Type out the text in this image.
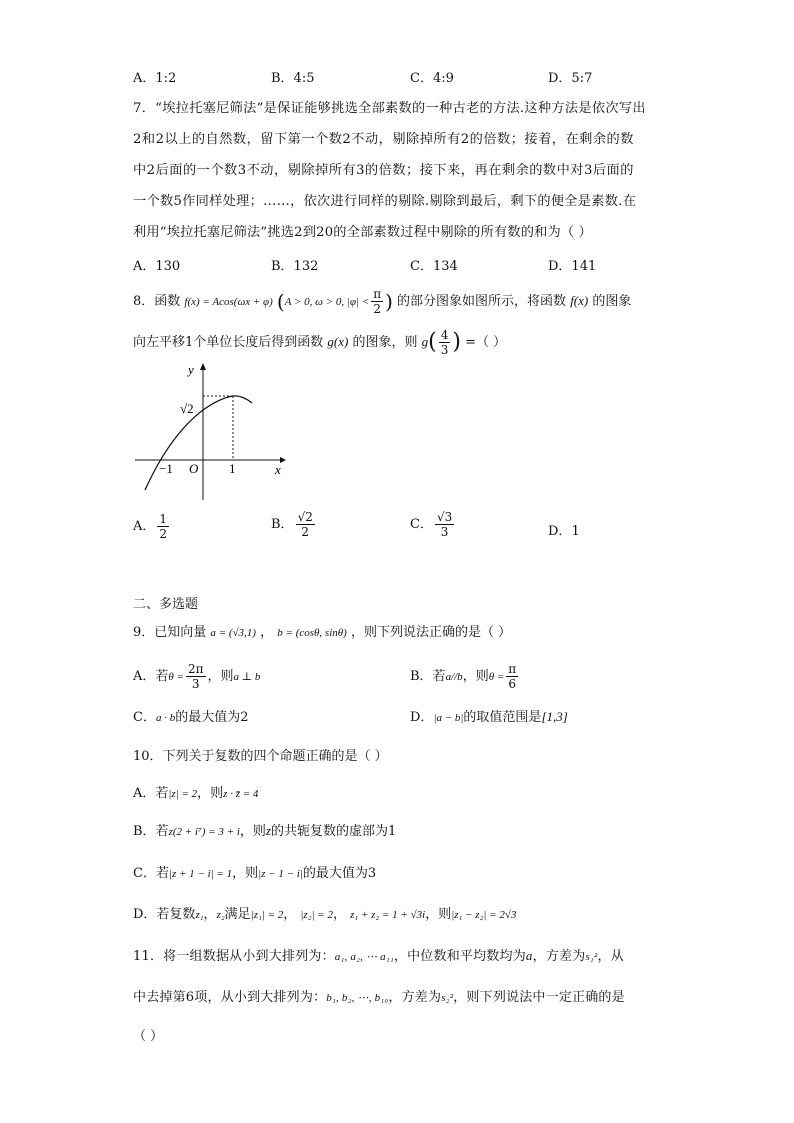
A．1:2	B．4:5	C．4:9	D．5:7
7．“埃拉托塞尼筛法”是保证能够挑选全部素数的一种古老的方法.这种方法是依次写出
2和2以上的自然数，留下第一个数2不动，剔除掉所有2的倍数；接着，在剩余的数
中2后面的一个数3不动，剔除掉所有3的倍数；接下来，再在剩余的数中对3后面的
一个数5作同样处理；……，依次进行同样的剔除.剔除到最后，剩下的便全是素数.在
利用“埃拉托塞尼筛法”挑选2到20的全部素数过程中剔除的所有数的和为（ ）
A．130	B．132	C．134	D．141
8．函数 f(x) = Acos(ωx + φ) (A > 0, ω > 0, $|\varphi| < \frac{\pi}{2}$ ) 的部分图象如图所示，将函数 f(x) 的图象
向左平移1个单位长度后得到函数 g(x) 的图象，则 $g( \frac{4}{3}$ ) =（ ）
y
x
√2
−1 O 1
A． $\frac{1}{2}$	B． $\frac{√2}{2}$	C． $\frac{√3}{3}$	D．1
二、多选题
9．已知向量 a = (√3,1) ， b = (cosθ, sinθ) ，则下列说法正确的是（ ）
A．若$\theta = \frac{2\pi}{3}$ ，则a ⊥ b	B．若a//b，则$\theta = \frac{\pi}{6}$
C．a · b的最大值为2	D．|a − b|的取值范围是[1,3]
10．下列关于复数的四个命题正确的是（ ）
A．若|z| = 2，则z · z̄ = 4
B．若z(2 + i⁷) = 3 + i，则z的共轭复数的虚部为1
C．若|z + 1 − i| = 1，则|z − 1 − i|的最大值为3
D．若复数z₁，z₂满足|z₁| = 2， |z₂| = 2， z₁ + z₂ = 1 + √3i，则|z₁ − z₂| = 2√3
11．将一组数据从小到大排列为：a₁, a₂, ⋯ a₁₁，中位数和平均数均为a，方差为s₁²，从
中去掉第6项，从小到大排列为：b₁, b₂, ⋯, b₁₀，方差为s₂²，则下列说法中一定正确的是
（ ）
